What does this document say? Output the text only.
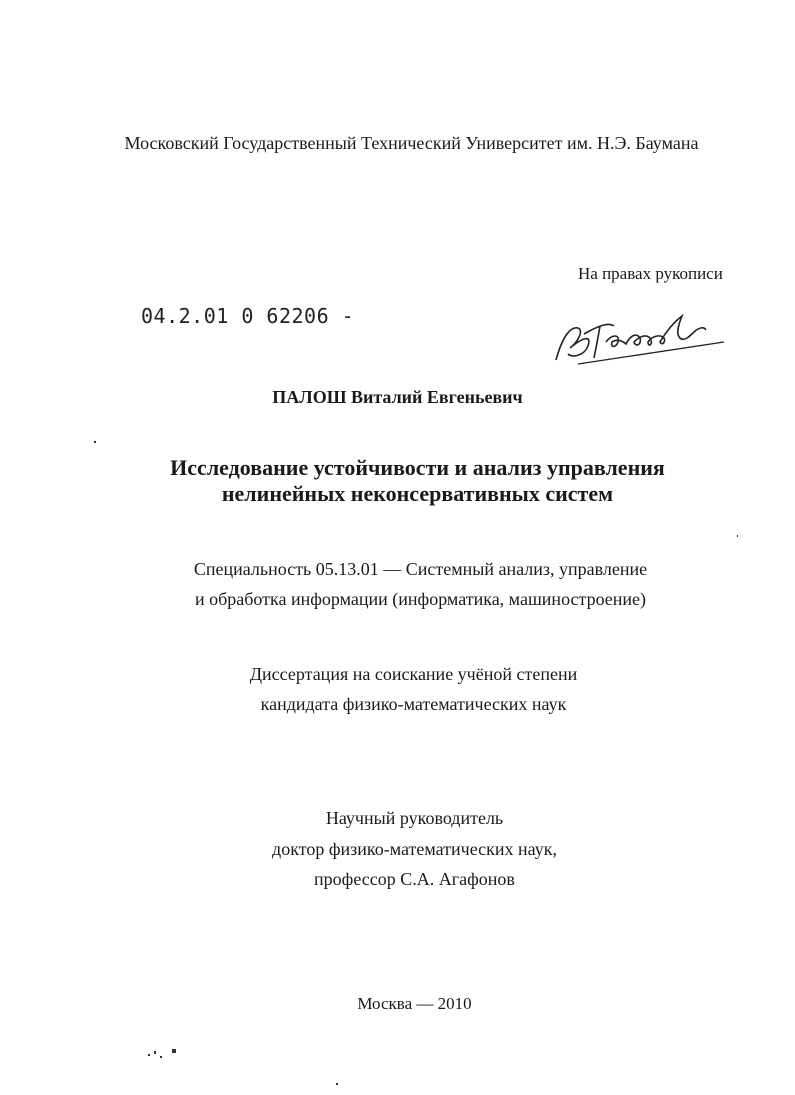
Московский Государственный Технический Университет им. Н.Э. Баумана
На правах рукописи
04.2.01 0 62206 -
ПАЛОШ Виталий Евгеньевич
Исследование устойчивости и анализ управления
нелинейных неконсервативных систем
Специальность 05.13.01 — Системный анализ, управление
и обработка информации (информатика, машиностроение)
Диссертация на соискание учёной степени
кандидата физико-математических наук
Научный руководитель
доктор физико-математических наук,
профессор С.А. Агафонов
Москва — 2010
